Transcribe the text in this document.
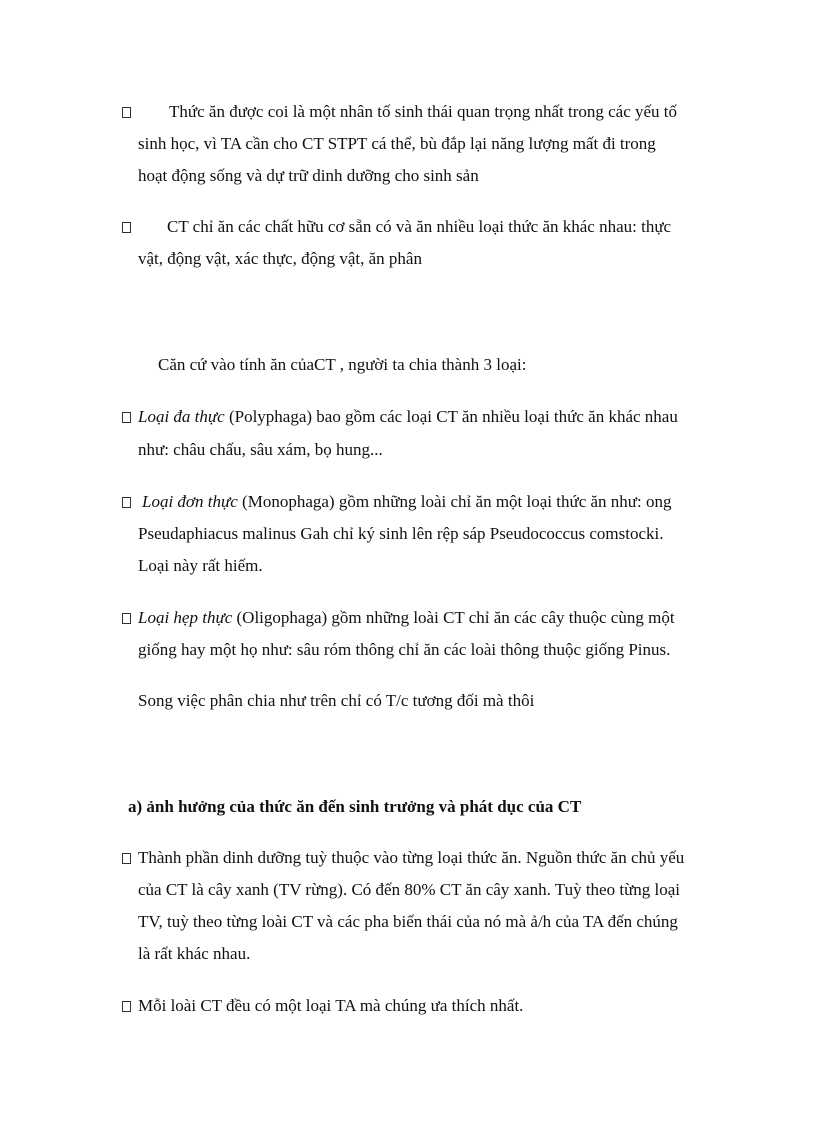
Thức ăn được coi là một nhân tố sinh thái quan trọng nhất trong các yếu tố
sinh học, vì TA cần cho CT STPT cá thể, bù đắp lại năng lượng mất đi trong
hoạt động sống và dự trữ dinh dưỡng cho sinh sản
CT chỉ ăn các chất hữu cơ sẵn có và ăn nhiều loại thức ăn khác nhau: thực
vật, động vật, xác thực, động vật, ăn phân
Căn cứ vào tính ăn củaCT , người ta chia thành 3 loại:
Loại đa thực (Polyphaga) bao gồm các loại CT ăn nhiều loại thức ăn khác nhau
như: châu chấu, sâu xám, bọ hung...
Loại đơn thực (Monophaga) gồm những loài chỉ ăn một loại thức ăn như: ong
Pseudaphiacus malinus Gah chỉ ký sinh lên rệp sáp Pseudococcus comstocki.
Loại này rất hiếm.
Loại hẹp thực (Oligophaga) gồm những loài CT chỉ ăn các cây thuộc cùng một
giống hay một họ như: sâu róm thông chỉ ăn các loài thông thuộc giống Pinus.
Song việc phân chia như trên chỉ có T/c tương đối mà thôi
a) ảnh hưởng của thức ăn đến sinh trưởng và phát dục của CT
Thành phần dinh dưỡng tuỳ thuộc vào từng loại thức ăn. Nguồn thức ăn chủ yếu
của CT là cây xanh (TV rừng). Có đến 80% CT ăn cây xanh. Tuỳ theo từng loại
TV, tuỳ theo từng loài CT và các pha biến thái của nó mà ả/h của TA đến chúng
là rất khác nhau.
Mỗi loài CT đều có một loại TA mà chúng ưa thích nhất.
